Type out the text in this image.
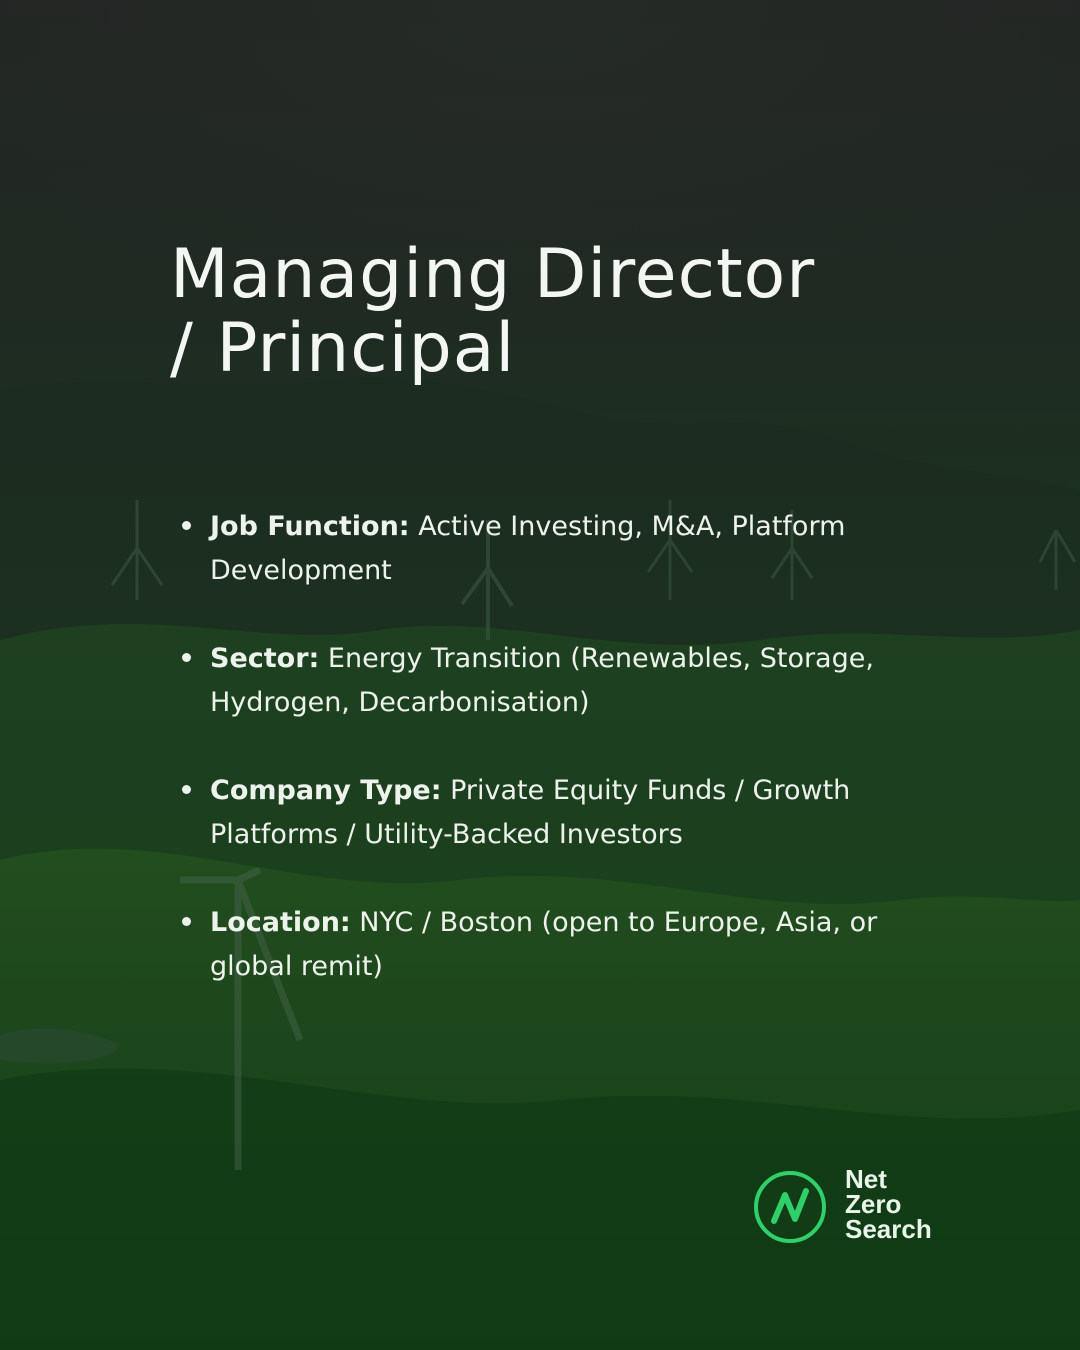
Managing Director
/ Principal
Job Function: Active Investing, M&A, Platform Development
Sector: Energy Transition (Renewables, Storage, Hydrogen, Decarbonisation)
Company Type: Private Equity Funds / Growth Platforms / Utility-Backed Investors
Location: NYC / Boston (open to Europe, Asia, or global remit)
Net
Zero
Search
